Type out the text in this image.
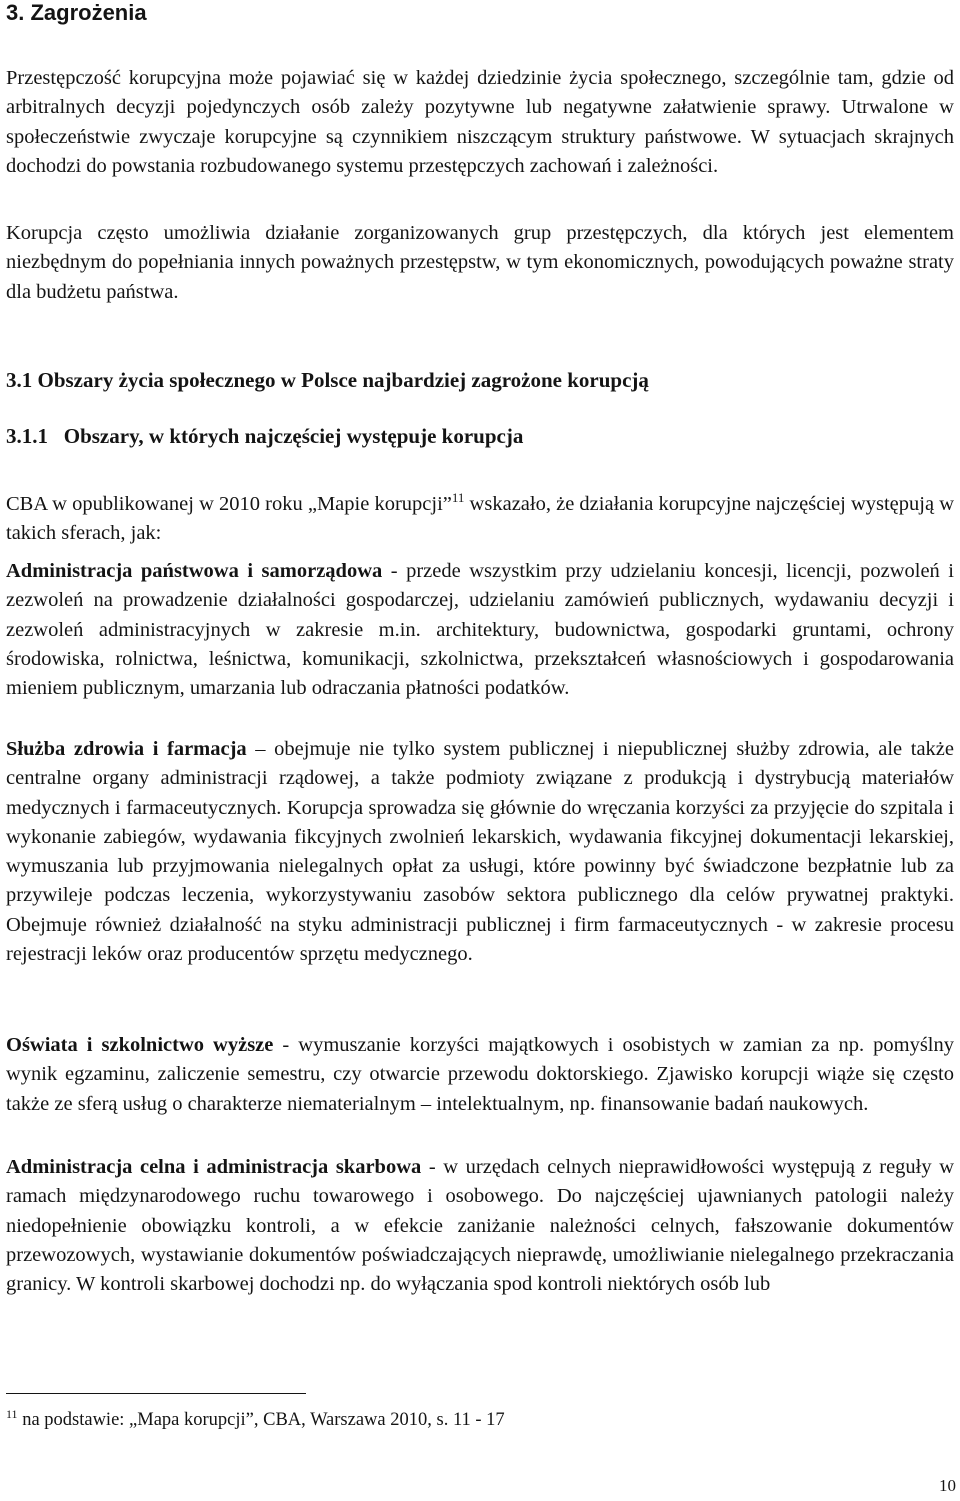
3. Zagrożenia

Przestępczość korupcyjna może pojawiać się w każdej dziedzinie życia społecznego, szczególnie tam, gdzie od arbitralnych decyzji pojedynczych osób zależy pozytywne lub negatywne załatwienie sprawy. Utrwalone w społeczeństwie zwyczaje korupcyjne są czynnikiem niszczącym struktury państwowe. W sytuacjach skrajnych dochodzi do powstania rozbudowanego systemu przestępczych zachowań i zależności.

Korupcja często umożliwia działanie zorganizowanych grup przestępczych, dla których jest elementem niezbędnym do popełniania innych poważnych przestępstw, w tym ekonomicznych, powodujących poważne straty dla budżetu państwa.

3.1 Obszary życia społecznego w Polsce najbardziej zagrożone korupcją
3.1.1 Obszary, w których najczęściej występuje korupcja

CBA w opublikowanej w 2010 roku „Mapie korupcji”$^{11}$ wskazało, że działania korupcyjne najczęściej występują w takich sferach, jak:

Administracja państwowa i samorządowa - przede wszystkim przy udzielaniu koncesji, licencji, pozwoleń i zezwoleń na prowadzenie działalności gospodarczej, udzielaniu zamówień publicznych, wydawaniu decyzji i zezwoleń administracyjnych w zakresie m.in. architektury, budownictwa, gospodarki gruntami, ochrony środowiska, rolnictwa, leśnictwa, komunikacji, szkolnictwa, przekształceń własnościowych i gospodarowania mieniem publicznym, umarzania lub odraczania płatności podatków.

Służba zdrowia i farmacja – obejmuje nie tylko system publicznej i niepublicznej służby zdrowia, ale także centralne organy administracji rządowej, a także podmioty związane z produkcją i dystrybucją materiałów medycznych i farmaceutycznych. Korupcja sprowadza się głównie do wręczania korzyści za przyjęcie do szpitala i wykonanie zabiegów, wydawania fikcyjnych zwolnień lekarskich, wydawania fikcyjnej dokumentacji lekarskiej, wymuszania lub przyjmowania nielegalnych opłat za usługi, które powinny być świadczone bezpłatnie lub za przywileje podczas leczenia, wykorzystywaniu zasobów sektora publicznego dla celów prywatnej praktyki. Obejmuje również działalność na styku administracji publicznej i firm farmaceutycznych - w zakresie procesu rejestracji leków oraz producentów sprzętu medycznego.

Oświata i szkolnictwo wyższe - wymuszanie korzyści majątkowych i osobistych w zamian za np. pomyślny wynik egzaminu, zaliczenie semestru, czy otwarcie przewodu doktorskiego. Zjawisko korupcji wiąże się często także ze sferą usług o charakterze niematerialnym – intelektualnym, np. finansowanie badań naukowych.

Administracja celna i administracja skarbowa - w urzędach celnych nieprawidłowości występują z reguły w ramach międzynarodowego ruchu towarowego i osobowego. Do najczęściej ujawnianych patologii należy niedopełnienie obowiązku kontroli, a w efekcie zaniżanie należności celnych, fałszowanie dokumentów przewozowych, wystawianie dokumentów poświadczających nieprawdę, umożliwianie nielegalnego przekraczania granicy. W kontroli skarbowej dochodzi np. do wyłączania spod kontroli niektórych osób lub

$^{11}$ na podstawie: „Mapa korupcji”, CBA, Warszawa 2010, s. 11 - 17

10
